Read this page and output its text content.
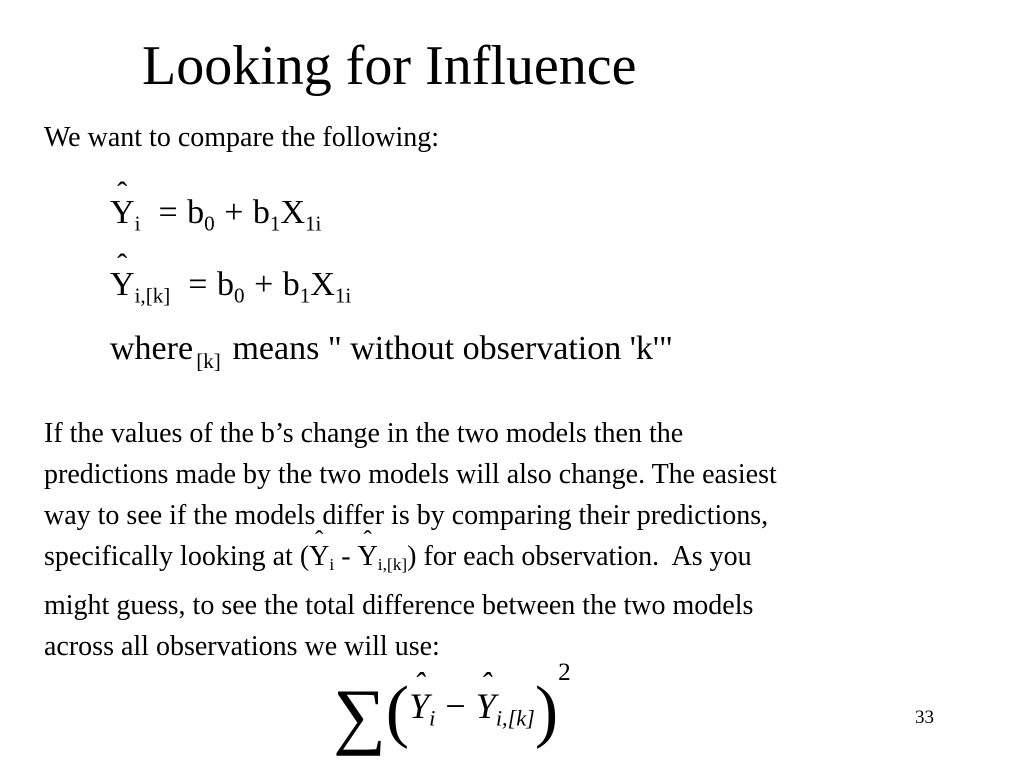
Looking for Influence
We want to compare the following:
ˆ $Y_i = b_0 + b_1X_{1i}$
ˆ $Y_{i,[k]} = b_0 + b_1X_{1i}$
where $_{[k]}$ means " without observation 'k'"
If the values of the b’s change in the two models then the
predictions made by the two models will also change. The easiest
way to see if the models differ is by comparing their predictions,
specifically looking at (ˆ $Y_i$ - ˆ $Y_{i,[k]}$) for each observation.  As you
might guess, to see the total difference between the two models
across all observations we will use:
∑(ˆ $Y_i$ −ˆ $Y_{i,[k]})^2$
33
